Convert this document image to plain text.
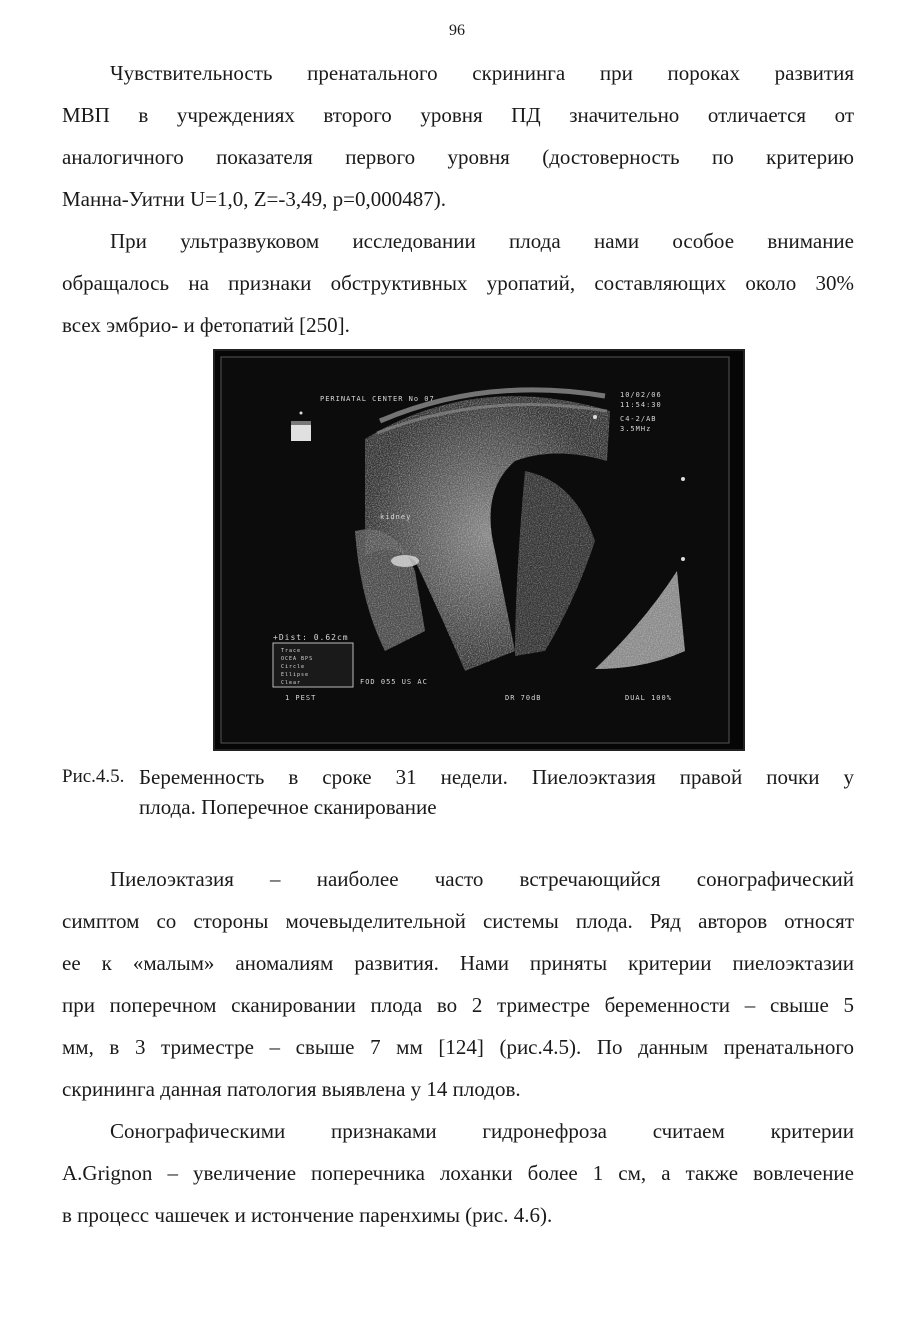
96
Чувствительность пренатального скрининга при пороках развития
МВП в учреждениях второго уровня ПД значительно отличается от
аналогичного показателя первого уровня (достоверность по критерию
Манна-Уитни U=1,0, Z=-3,49, p=0,000487).
При ультразвуковом исследовании плода нами особое внимание
обращалось на признаки обструктивных уропатий, составляющих около 30%
всех эмбрио- и фетопатий [250].
PERINATAL CENTER No 07	10/02/06
11:54:30
C4-2/AB
3.5MHz
kidney
+Dist: 0.62cm
FOD 055 US AC
1 PEST	DR 70dB	DUAL 100%
Trace
OCEA BPS
Circle
Ellipse
Clear
Рис.4.5. Беременность в сроке 31 недели. Пиелоэктазия правой почки у
плода. Поперечное сканирование
Пиелоэктазия – наиболее часто встречающийся сонографический
симптом со стороны мочевыделительной системы плода. Ряд авторов относят
ее к «малым» аномалиям развития. Нами приняты критерии пиелоэктазии
при поперечном сканировании плода во 2 триместре беременности – свыше 5
мм, в 3 триместре – свыше 7 мм [124] (рис.4.5). По данным пренатального
скрининга данная патология выявлена у 14 плодов.
Сонографическими признаками гидронефроза считаем критерии
A.Grignon – увеличение поперечника лоханки более 1 см, а также вовлечение
в процесс чашечек и истончение паренхимы (рис. 4.6).
